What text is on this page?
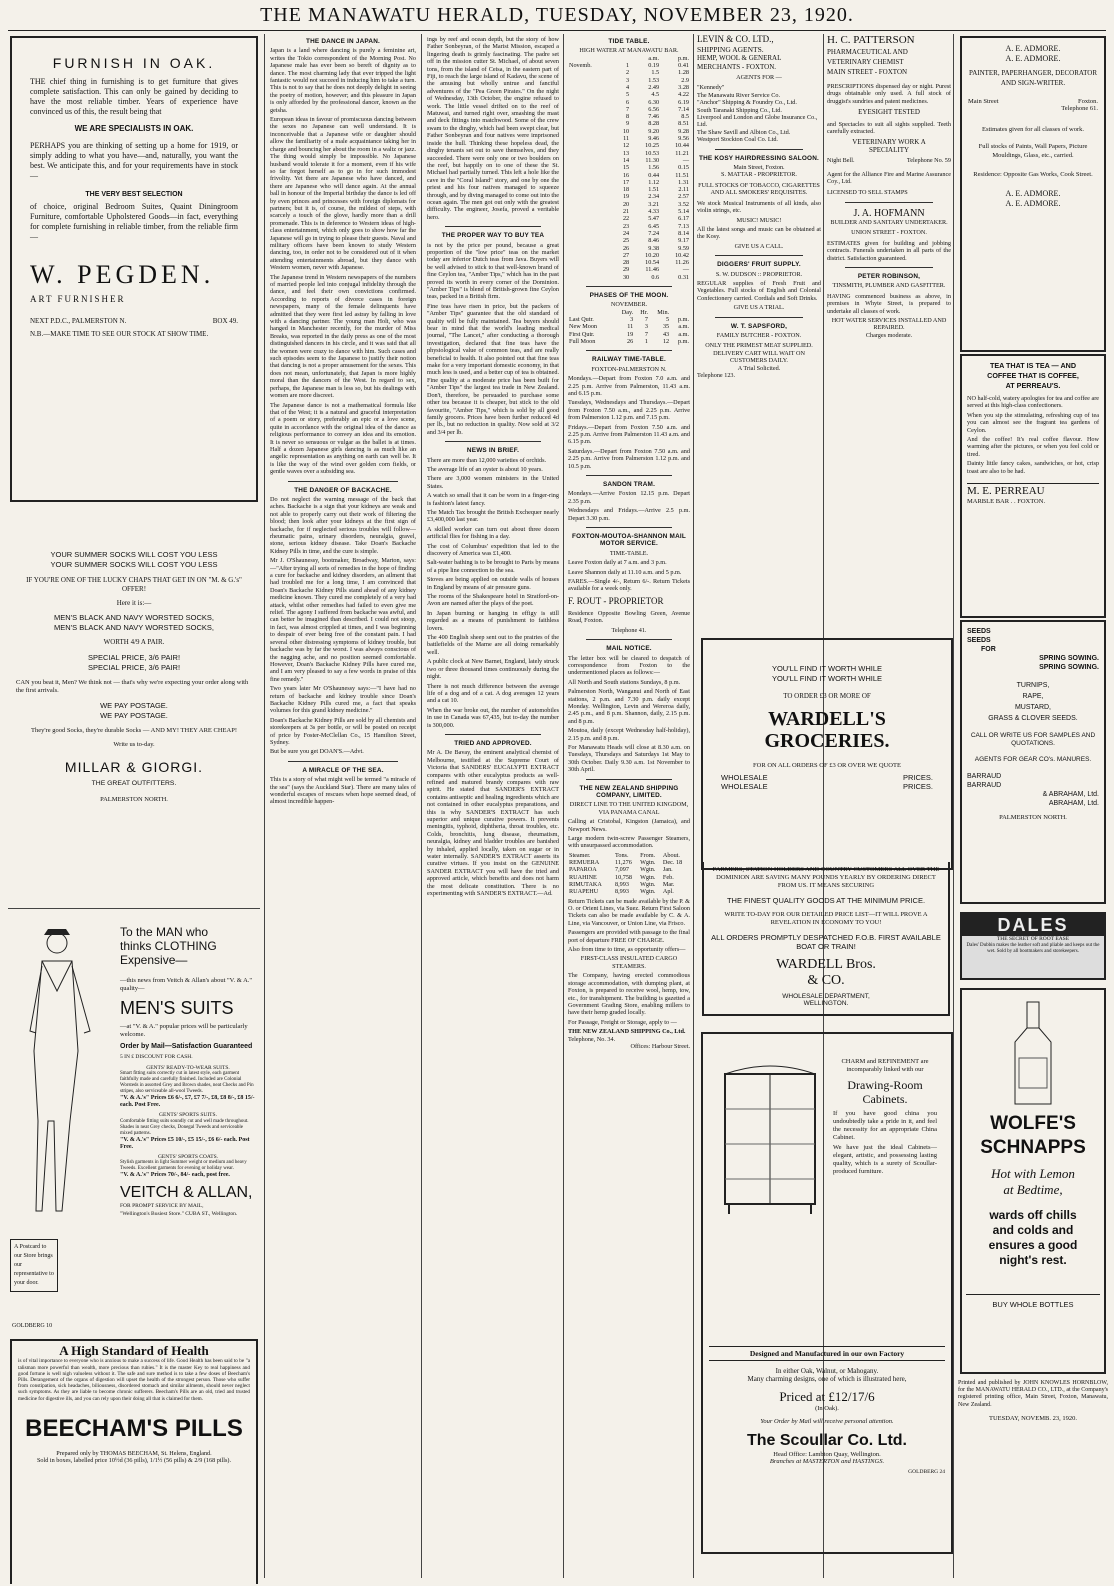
THE MANAWATU HERALD, TUESDAY, NOVEMBER 23, 1920.
FURNISH IN OAK.

THE chief thing in furnishing is to get furniture that gives complete satisfaction. This can only be gained by deciding to have the most reliable timber. Years of experience have convinced us of this, the result being that

WE ARE SPECIALISTS IN OAK.

PERHAPS you are thinking of setting up a home for 1919, or simply adding to what you have—and, naturally, you want the best. We anticipate this, and for your requirements have in stock —

THE VERY BEST SELECTION

of choice, original Bedroom Suites, Quaint Diningroom Furniture, comfortable Upholstered Goods—in fact, everything for complete furnishing in reliable timber, from the reliable firm —

W. PEGDEN.
ART FURNISHER
NEXT P.D.C., PALMERSTON N.	BOX 49.
N.B.—MAKE TIME TO SEE OUR STOCK AT SHOW TIME.
YOUR SUMMER SOCKS WILL COST YOU LESS
YOUR SUMMER SOCKS WILL COST YOU LESS
IF YOU'RE ONE OF THE LUCKY CHAPS THAT GET IN ON "M. & G.'s" OFFER!
Here it is:—
MEN'S BLACK AND NAVY WORSTED SOCKS,
MEN'S BLACK AND NAVY WORSTED SOCKS,
WORTH 4/9 A PAIR.
SPECIAL PRICE, 3/6 PAIR!
SPECIAL PRICE, 3/6 PAIR!
CAN you beat it, Men? We think not — that's why we're expecting your order along with the first arrivals.
WE PAY POSTAGE.
WE PAY POSTAGE.
They're good Socks, they're durable Socks — AND MY! THEY ARE CHEAP!
Write us to-day.
MILLAR & GIORGI.
THE GREAT OUTFITTERS.
PALMERSTON NORTH.
To the MAN who
thinks CLOTHING
Expensive—
—this news from Veitch & Allan's about "V. & A." quality—
MEN'S SUITS
—at "V. & A." popular prices will be particularly welcome.
Order by Mail—Satisfaction Guaranteed
5 IN £ DISCOUNT FOR CASH.
GENTS' READY-TO-WEAR SUITS.
Smart fitting suits correctly cut in latest style, each garment faithfully made and carefully finished. Included are Colonial Worsteds in assorted Grey and Brown shades, neat Checks and Pin stripes, also serviceable all-wool Tweeds.
"V. & A.'s" Prices £6 6/-, £7, £7 7/-, £8, £8 8/-, £8 15/- each. Post Free.
GENTS' SPORTS SUITS.
Comfortable fitting suits soundly cut and well made throughout. Shades in neat Grey checks, Donegal Tweeds and serviceable mixed patterns.
"V. & A.'s" Prices £5 10/-, £5 15/-, £6 6/- each. Post Free.
GENTS' SPORTS COATS.
Stylish garments in light Summer weight or medium and heavy Tweeds. Excellent garments for evening or holiday wear.
"V. & A.'s" Prices 70/-, 84/- each, post free.
VEITCH & ALLAN,
FOR PROMPT SERVICE BY MAIL,
"Wellington's Busiest Store." CUBA ST., Wellington.
A Postcard to our Store brings our representative to your door.
GOLDBERG 10
A High Standard of Health

is of vital importance to everyone who is anxious to make a success of life. Good Health has been said to be "a talisman more powerful than wealth, more precious than rubies." It is the master Key to real happiness and good fortune is well nigh valueless without it. The safe and sure method is to take a few doses of Beecham's Pills. Derangement of the organs of digestion will upset the health of the strongest person. Those who suffer from constipation, sick headaches, biliousness, disordered stomach and similar ailments, should never neglect such symptoms. As they are liable to become chronic sufferers. Beecham's Pills are an old, tried and trusted medicine for digestive ills, and you can rely upon their doing all that is claimed for them.

BEECHAM'S PILLS
Prepared only by THOMAS BEECHAM, St. Helens, England.
Sold in boxes, labelled price 10½d (36 pills), 1/1½ (56 pills) & 2/9 (168 pills).
THE DANCE IN JAPAN.

Japan is a land where dancing is purely a feminine art, writes the Tokio correspondent of the Morning Post. No Japanese male has ever been so bereft of dignity as to dance. The most charming lady that ever tripped the light fantastic would not succeed in inducing him to take a turn. This is not to say that he does not deeply delight in seeing the poetry of motion, however; and this pleasure in Japan is only afforded by the professional dancer, known as the geisha.

European ideas in favour of promiscuous dancing between the sexes no Japanese can well understand. It is inconceivable that a Japanese wife or daughter should allow the familiarity of a male acquaintance taking her in charge and bouncing her about the room in a waltz or jazz. The thing would simply be impossible. No Japanese husband would tolerate it for a moment, even if his wife so far forgot herself as to go in for such immodest frivolity. Yet there are Japanese who have danced, and there are Japanese who will dance again. At the annual ball in honour of the Imperial birthday the dance is led off by even princes and princesses with foreign diplomats for partners; but it is, of course, the mildest of steps, with scarcely a touch of the glove, hardly more than a drill promenade. This is in deference to Western ideas of high-class entertainment, which only goes to show how far the Japanese will go in trying to please their guests. Naval and military officers have been known to study Western dancing, too, in order not to be considered out of it when attending entertainments abroad, but they dance with Western women, never with Japanese.

The Japanese trend in Western newspapers of the numbers of married people led into conjugal infidelity through the dance, and feel their own convictions confirmed. According to reports of divorce cases in foreign newspapers, many of the female delinquents have admitted that they were first led astray by falling in love with a dancing partner. The young man Holt, who was hanged in Manchester recently, for the murder of Miss Breaks, was reported in the daily press as one of the most distinguished dancers in his circle, and it was said that all the women were crazy to dance with him. Such cases and such episodes seem to the Japanese to justify their notion that dancing is not a proper amusement for the sexes. This does not mean, unfortunately, that Japan is more highly moral than the dancers of the West. In regard to sex, perhaps, the Japanese man is less so, but his dealings with women are more discreet.

The Japanese dance is not a mathematical formula like that of the West; it is a natural and graceful interpretation of a poem or story, preferably an epic or a love scene, quite in accordance with the original idea of the dance as religious performance to convey an idea and its emotion. It is never so sensuous or vulgar as the ballet is at times. Half a dozen Japanese girls dancing is as much like an angelic representation as anything on earth can well be. It is like the way of the wind over golden corn fields, or gentle waves over a subsiding sea.

THE DANGER OF BACKACHE.

Do not neglect the warning message of the back that aches. Backache is a sign that your kidneys are weak and not able to properly carry out their work of filtering the blood; then look after your kidneys at the first sign of backache, for if neglected serious troubles will follow—rheumatic pains, urinary disorders, neuralgia, gravel, stone, serious kidney disease. Take Doan's Backache Kidney Pills in time, and the cure is simple.

Mr J. O'Shaunessy, bootmaker, Broadway, Marton, says:—"After trying all sorts of remedies in the hope of finding a cure for backache and kidney disorders, an ailment that had troubled me for a long time, I am convinced that Doan's Backache Kidney Pills stand ahead of any kidney medicine known. They cured me completely of a very bad attack, whilst other remedies had failed to even give me relief. The agony I suffered from backache was awful, and can better be imagined than described. I could not stoop, in fact, was almost crippled at times, and I was beginning to despair of ever being free of the constant pain. I had several other distressing symptoms of kidney trouble, but backache was by far the worst. I was always conscious of the nagging ache, and no position seemed comfortable. However, Doan's Backache Kidney Pills have cured me, and I am very pleased to say a few words in praise of this fine remedy."

Two years later Mr O'Shaunessy says:—"I have had no return of backache and kidney trouble since Doan's Backache Kidney Pills cured me, a fact that speaks volumes for this grand kidney medicine."

Doan's Backache Kidney Pills are sold by all chemists and storekeepers at 3s per bottle, or will be posted on receipt of price by Foster-McClellan Co., 15 Hamilton Street, Sydney.

But be sure you get DOAN'S.—Advt.

A MIRACLE OF THE SEA.

This is a story of what might well be termed "a miracle of the sea" (says the Auckland Star). There are many tales of wonderful escapes of rescues when hope seemed dead, of almost incredible happen-

ings by reef and ocean depth, but the story of how Father Sonbeyran, of the Marist Mission, escaped a lingering death is grimly fascinating. The padre set off in the mission cutter St. Michael, of about seven tons, from the island of Ceisa, in the eastern part of Fiji, to reach the large island of Kadavu, the scene of the amusing but wholly untrue and fanciful adventures of the "Pea Green Pirates." On the night of Wednesday, 13th October, the engine refused to work. The little vessel drifted on to the reef of Matuwai, and turned right over, smashing the mast and deck fittings into matchwood. Some of the crew swam to the dinghy, which had been swept clear, but Father Sonbeyran and four natives were imprisoned inside the hull. Thinking these hopeless dead, the dinghy tenants set out to save themselves, and they succeeded. There were only one or two boulders on the reef, but happily on to one of these the St. Michael had partially turned. This left a hole like the cave in the "Coral Island" story, and one by one the priest and his four natives managed to squeeze through, and by diving managed to come out into the ocean again. The men got out only with the greatest difficulty. The engineer, Josefa, proved a veritable hero.

THE PROPER WAY TO BUY TEA

is not by the price per pound, because a great proportion of the "low price" teas on the market today are inferior Dutch teas from Java. Buyers will be well advised to stick to that well-known brand of fine Ceylon tea, "Amber Tips," which has in the past proved its worth in every corner of the Dominion. "Amber Tips" is blend of British-grown fine Ceylon teas, packed in a British firm.

Fine teas have risen in price, but the packers of "Amber Tips" guarantee that the old standard of quality will be fully maintained. Tea buyers should bear in mind that the world's leading medical journal, "The Lancet," after conducting a thorough investigation, declared that fine teas have the physiological value of common teas, and are really beneficial to health. It also pointed out that fine teas make for a very important domestic economy, in that much less is used, and a better cup of tea is obtained. Fine quality at a moderate price has been built for "Amber Tips" the largest tea trade in New Zealand. Don't, therefore, be persuaded to purchase some other tea because it is cheaper, but stick to the old favourite, "Amber Tips," which is sold by all good family grocers. Prices have been further reduced 4d per lb., but no reduction in quality. Now sold at 3/2 and 3/4 per lb.

NEWS IN BRIEF.

There are more than 12,000 varieties of orchids.

The average life of an oyster is about 10 years.

There are 3,000 women ministers in the United States.

A watch so small that it can be worn in a finger-ring is fashion's latest fancy.

The Match Tax brought the British Exchequer nearly £3,400,000 last year.

A skilled worker can turn out about three dozen artificial flies for fishing in a day.

The cost of Columbus' expedition that led to the discovery of America was £1,400.

Salt-water bathing is to be brought to Paris by means of a pipe line connection to the sea.

Stoves are being applied on outside walls of houses in England by means of air pressure guns.

The rooms of the Shakespeare hotel in Stratford-on-Avon are named after the plays of the poet.

In Japan burning or hanging in effigy is still regarded as a means of punishment to faithless lovers.

The 400 English sheep sent out to the prairies of the battlefields of the Marne are all doing remarkably well.

A public clock at New Barnet, England, lately struck two or three thousand times continuously during the night.

There is not much difference between the average life of a dog and of a cat. A dog averages 12 years and a cat 10.

When the war broke out, the number of automobiles in use in Canada was 67,435, but to-day the number is 300,000.

TRIED AND APPROVED.

Mr A. De Bavay, the eminent analytical chemist of Melbourne, testified at the Supreme Court of Victoria that SANDERS' EUCALYPTI EXTRACT compares with other eucalyptus products as well-refined and matured brandy compares with raw spirit. He stated that SANDER'S EXTRACT contains antiseptic and healing ingredients which are not contained in other eucalyptus preparations, and this is why SANDER'S EXTRACT has such superior and unique curative powers. It prevents meningitis, typhoid, diphtheria, throat troubles, etc. Colds, bronchitis, lung disease, rheumatism, neuralgia, kidney and bladder troubles are banished by inhaled, applied locally, taken on sugar or in water internally. SANDER'S EXTRACT asserts its curative virtues. If you insist on the GENUINE SANDER EXTRACT you will have the tried and approved article, which benefits and does not harm the most delicate constitution. There is no experimenting with SANDER'S EXTRACT.—Ad.

TIDE TABLE.
HIGH WATER AT MANAWATU BAR.
		a.m.	p.m.
Novemb.	1	0.19	0.41
	2	1.5	1.28
	3	1.53	2.9
	4	2.49	3.28
	5	4.5	4.22
	6	6.30	6.19
	7	6.56	7.14
	8	7.46	8.5
	9	8.28	8.51
	10	9.20	9.28
	11	9.46	9.56
	12	10.25	10.44
	13	10.53	11.21
	14	11.30	—
	15	1.56	0.15
	16	0.44	11.51
	17	1.12	1.31
	18	1.51	2.11
	19	2.34	2.57
	20	3.21	3.52
	21	4.33	5.14
	22	5.47	6.17
	23	6.45	7.13
	24	7.24	8.14
	25	8.46	9.17
	26	9.38	9.59
	27	10.20	10.42
	28	10.54	11.26
	29	11.46	—
	30	0.6	0.31
PHASES OF THE MOON.
NOVEMBER.
	Day.	Hr.	Min.	
Last Qutr.	3	7	5	p.m.
New Moon	11	3	35	a.m.
First Qutr.	19	7	43	a.m.
Full Moon	26	1	12	p.m.
RAILWAY TIME-TABLE.
FOXTON-PALMERSTON N.

Mondays.—Depart from Foxton 7.0 a.m. and 2.25 p.m. Arrive from Palmerston, 11.43 a.m. and 6.15 p.m.

Tuesdays, Wednesdays and Thursdays.—Depart from Foxton 7.50 a.m., and 2.25 p.m. Arrive from Palmerston 1.12 p.m. and 7.15 p.m.

Fridays.—Depart from Foxton 7.50 a.m. and 2.25 p.m. Arrive from Palmerston 11.43 a.m. and 6.15 p.m.

Saturdays.—Depart from Foxton 7.50 a.m. and 2.25 p.m. Arrive from Palmerston 1.12 p.m. and 10.5 p.m.

SANDON TRAM.

Mondays.—Arrive Foxton 12.15 p.m. Depart 2.35 p.m.

Wednesdays and Fridays.—Arrive 2.5 p.m. Depart 3.30 p.m.

FOXTON-MOUTOA-SHANNON MAIL MOTOR SERVICE.
TIME-TABLE.

Leave Foxton daily at 7 a.m. and 3 p.m.

Leave Shannon daily at 11.10 a.m. and 5 p.m.

FARES.—Single 4/-, Return 6/-. Return Tickets available for a week only.

F. ROUT - PROPRIETOR

Residence Opposite Bowling Green, Avenue Road, Foxton.

Telephone 41.
MAIL NOTICE.

The letter box will be cleared to despatch of correspondence from Foxton to the undermentioned places as follows:—

All North and South stations Sundays, 8 p.m.

Palmerston North, Wanganui and North of East stations, 2 p.m. and 7.30 p.m. daily except Monday. Wellington, Levin and Wereroa daily, 2.45 p.m., and 8 p.m. Shannon, daily, 2.15 p.m. and 8 p.m.

Moutoa, daily (except Wednesday half-holiday), 2.15 p.m. and 8 p.m.

For Manawatu Heads will close at 8.30 a.m. on Tuesdays, Thursdays and Saturdays 1st May to 30th October. Daily 9.30 a.m. 1st November to 30th April.

THE NEW ZEALAND SHIPPING COMPANY, LIMITED.
DIRECT LINE TO THE UNITED KINGDOM,
VIA PANAMA CANAL

Calling at Cristobal, Kingston (Jamaica), and Newport News.

Large modern twin-screw Passenger Steamers, with unsurpassed accommodation.

Steamer.	Tons.	From.	About.
REMUERA	11,276	Wgtn.	Dec. 18
PAPAROA	7,097	Wgtn.	Jan.
RUAHINE	10,758	Wgtn.	Feb.
RIMUTAKA	8,993	Wgtn.	Mar.
RUAPEHU	8,993	Wgtn.	Apl.

Return Tickets can be made available by the P. & O. or Orient Lines, via Suez. Return First Saloon Tickets can also be made available by C. & A. Line, via Vancouver, or Union Line, via Frisco.

Passengers are provided with passage to the final port of departure FREE OF CHARGE.

Also from time to time, as opportunity offers—

FIRST-CLASS INSULATED CARGO STEAMERS.

The Company, having erected commodious storage accommodation, with dumping plant, at Foxton, is prepared to receive wool, hemp, tow, etc., for transhipment. The building is gazetted a Government Grading Store, enabling millers to have their hemp graded locally.

For Passage, Freight or Storage, apply to —

THE NEW ZEALAND SHIPPING Co., Ltd.
Telephone, No. 34.
Offices: Harbour Street.
LEVIN & CO. LTD.,
SHIPPING AGENTS.
HEMP, WOOL & GENERAL MERCHANTS - FOXTON.
AGENTS FOR —
"Kennedy"
The Manawatu River Service Co.
"Anchor" Shipping & Foundry Co., Ltd.
South Taranaki Shipping Co., Ltd.
Liverpool and London and Globe Insurance Co., Ltd.
The Shaw Savill and Albion Co., Ltd.
Westport Stockton Coal Co. Ltd.
THE KOSY HAIRDRESSING SALOON.
Main Street, Foxton.
S. MATTAR - PROPRIETOR.
FULL STOCKS OF TOBACCO, CIGARETTES AND ALL SMOKERS' REQUISITES.

We stock Musical Instruments of all kinds, also violin strings, etc.

MUSIC! MUSIC!

All the latest songs and music can be obtained at the Kosy.

GIVE US A CALL.
DIGGERS' FRUIT SUPPLY.
S. W. DUDSON :: PROPRIETOR.

REGULAR supplies of Fresh Fruit and Vegetables. Full stocks of English and Colonial Confectionery carried. Cordials and Soft Drinks.

GIVE US A TRIAL.
W. T. SAPSFORD,
FAMILY BUTCHER - FOXTON.
ONLY THE PRIMEST MEAT SUPPLIED.
DELIVERY CART WILL WAIT ON CUSTOMERS DAILY.
A Trial Solicited.
Telephone 123.
H. C. PATTERSON
PHARMACEUTICAL AND
VETERINARY CHEMIST
MAIN STREET - FOXTON

PRESCRIPTIONS dispensed day or night. Purest drugs obtainable only used. A full stock of druggist's sundries and patent medicines.

EYESIGHT TESTED

and Spectacles to suit all sights supplied. Teeth carefully extracted.

VETERINARY WORK A
SPECIALITY
Night Bell.	Telephone No. 59

Agent for the Alliance Fire and Marine Assurance Coy., Ltd.

LICENSED TO SELL STAMPS
J. A. HOFMANN
BUILDER AND SANITARY UNDERTAKER.
UNION STREET - FOXTON.

ESTIMATES given for building and jobbing contracts. Funerals undertaken in all parts of the district. Satisfaction guaranteed.

PETER ROBINSON,
TINSMITH, PLUMBER AND GASFITTER.

HAVING commenced business as above, in premises in Whyte Street, is prepared to undertake all classes of work.

HOT WATER SERVICES INSTALLED AND REPAIRED.
Charges moderate.
YOU'LL FIND IT WORTH WHILE
YOU'LL FIND IT WORTH WHILE
TO ORDER £3 OR MORE OF
WARDELL'S
GROCERIES.
FOR ON ALL ORDERS OF £3 OR OVER WE QUOTE
WHOLESALE	PRICES.
WHOLESALE	PRICES.
FARMERS, STATION HOLDERS AND COUNTRY CUSTOMERS ALL OVER THE DOMINION ARE SAVING MANY POUNDS YEARLY BY ORDERING DIRECT FROM US. IT MEANS SECURING
THE FINEST QUALITY GOODS AT THE MINIMUM PRICE.
WRITE TO-DAY FOR OUR DETAILED PRICE LIST—IT WILL PROVE A REVELATION IN ECONOMY TO YOU!
ALL ORDERS PROMPTLY DESPATCHED F.O.B. FIRST AVAILABLE BOAT OR TRAIN!
WARDELL Bros.
& CO.
WHOLESALE DEPARTMENT,
WELLINGTON.
CHARM and REFINEMENT are incomparably linked with our
Drawing-Room Cabinets.

If you have good china you undoubtedly take a pride in it, and feel the necessity for an appropriate China Cabinet.

We have just the ideal Cabinets—elegant, artistic, and possessing lasting quality, which is a surety of Scoullar-produced furniture.

Designed and Manufactured in our own Factory
In either Oak, Walnut, or Mahogany.
Many charming designs, one of which is illustrated here,
Priced at £12/17/6
(In Oak).
Your Order by Mail will receive personal attention.
The Scoullar Co. Ltd.
Head Office: Lambton Quay, Wellington.
Branches at MASTERTON and HASTINGS.
GOLDBERG 24
A. E. ADMORE.
A. E. ADMORE.
PAINTER, PAPERHANGER, DECORATOR AND SIGN-WRITER.
Main Street	Foxton.
Telephone 61.
Estimates given for all classes of work.
Full stocks of Paints, Wall Papers, Picture Mouldings, Glass, etc., carried.
Residence: Opposite Gas Works, Cook Street.
A. E. ADMORE.
A. E. ADMORE.
TEA THAT IS TEA — AND
COFFEE THAT IS COFFEE,
AT PERREAU'S.

NO half-cold, watery apologies for tea and coffee are served at this high-class confectioners.

When you sip the stimulating, refreshing cup of tea you can almost see the fragrant tea gardens of Ceylon.

And the coffee! It's real coffee flavour. How warming after the pictures, or when you feel cold or tired.

Dainty little fancy cakes, sandwiches, or hot, crisp toast are also to be had.

M. E. PERREAU
MARBLE BAR . . FOXTON.
SEEDS
SEEDS
FOR
SPRING SOWING.
SPRING SOWING.
TURNIPS,
RAPE,
MUSTARD,
GRASS & CLOVER SEEDS.
CALL OR WRITE US FOR SAMPLES AND QUOTATIONS.
AGENTS FOR GEAR CO's. MANURES.
BARRAUD
BARRAUD
& ABRAHAM, Ltd.
ABRAHAM, Ltd.
PALMERSTON NORTH.
DALES
THE SECRET OF ROOT EASE
Dales' Dubbin makes the leather soft and pliable and keeps out the wet. Sold by all bootmakers and storekeepers.
WOLFE'S
SCHNAPPS
Hot with Lemon
at Bedtime,
wards off chills
and colds and
ensures a good
night's rest.
BUY WHOLE BOTTLES

Printed and published by JOHN KNOWLES HORNBLOW, for the MANAWATU HERALD CO., LTD., at the Company's registered printing office, Main Street, Foxton, Manawatu, New Zealand.

TUESDAY, NOVEMB. 23, 1920.
